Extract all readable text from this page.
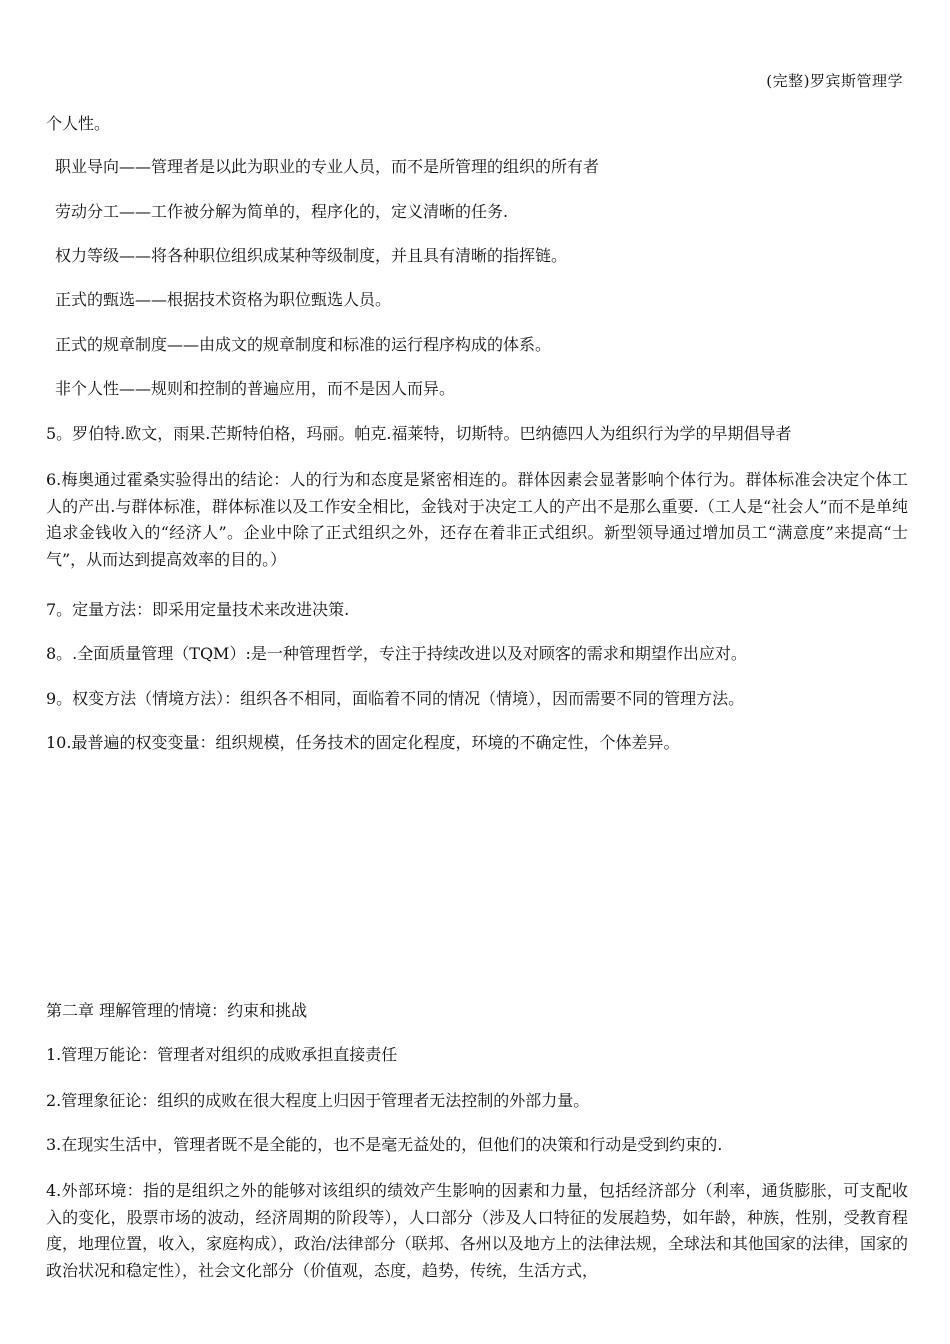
(完整)罗宾斯管理学
个人性。
职业导向——管理者是以此为职业的专业人员，而不是所管理的组织的所有者
劳动分工——工作被分解为简单的，程序化的，定义清晰的任务.
权力等级——将各种职位组织成某种等级制度，并且具有清晰的指挥链。
正式的甄选——根据技术资格为职位甄选人员。
正式的规章制度——由成文的规章制度和标准的运行程序构成的体系。
非个人性——规则和控制的普遍应用，而不是因人而异。
5。罗伯特.欧文，雨果.芒斯特伯格，玛丽。帕克.福莱特，切斯特。巴纳德四人为组织行为学的早期倡导者
6.梅奥通过霍桑实验得出的结论：人的行为和态度是紧密相连的。群体因素会显著影响个体行为。群体标准会决定个体工人的产出.与群体标准，群体标准以及工作安全相比，金钱对于决定工人的产出不是那么重要.（工人是“社会人”而不是单纯追求金钱收入的“经济人”。企业中除了正式组织之外，还存在着非正式组织。新型领导通过增加员工“满意度”来提高“士气”，从而达到提高效率的目的。）
7。定量方法：即采用定量技术来改进决策.
8。.全面质量管理（TQM）:是一种管理哲学，专注于持续改进以及对顾客的需求和期望作出应对。
9。权变方法（情境方法）：组织各不相同，面临着不同的情况（情境），因而需要不同的管理方法。
10.最普遍的权变变量：组织规模，任务技术的固定化程度，环境的不确定性，个体差异。
第二章 理解管理的情境：约束和挑战
1.管理万能论：管理者对组织的成败承担直接责任
2.管理象征论：组织的成败在很大程度上归因于管理者无法控制的外部力量。
3.在现实生活中，管理者既不是全能的，也不是毫无益处的，但他们的决策和行动是受到约束的.
4.外部环境：指的是组织之外的能够对该组织的绩效产生影响的因素和力量，包括经济部分（利率，通货膨胀，可支配收入的变化，股票市场的波动，经济周期的阶段等），人口部分（涉及人口特征的发展趋势，如年龄，种族，性别，受教育程度，地理位置，收入，家庭构成），政治/法律部分（联邦、各州以及地方上的法律法规，全球法和其他国家的法律，国家的政治状况和稳定性），社会文化部分（价值观，态度，趋势，传统，生活方式，
